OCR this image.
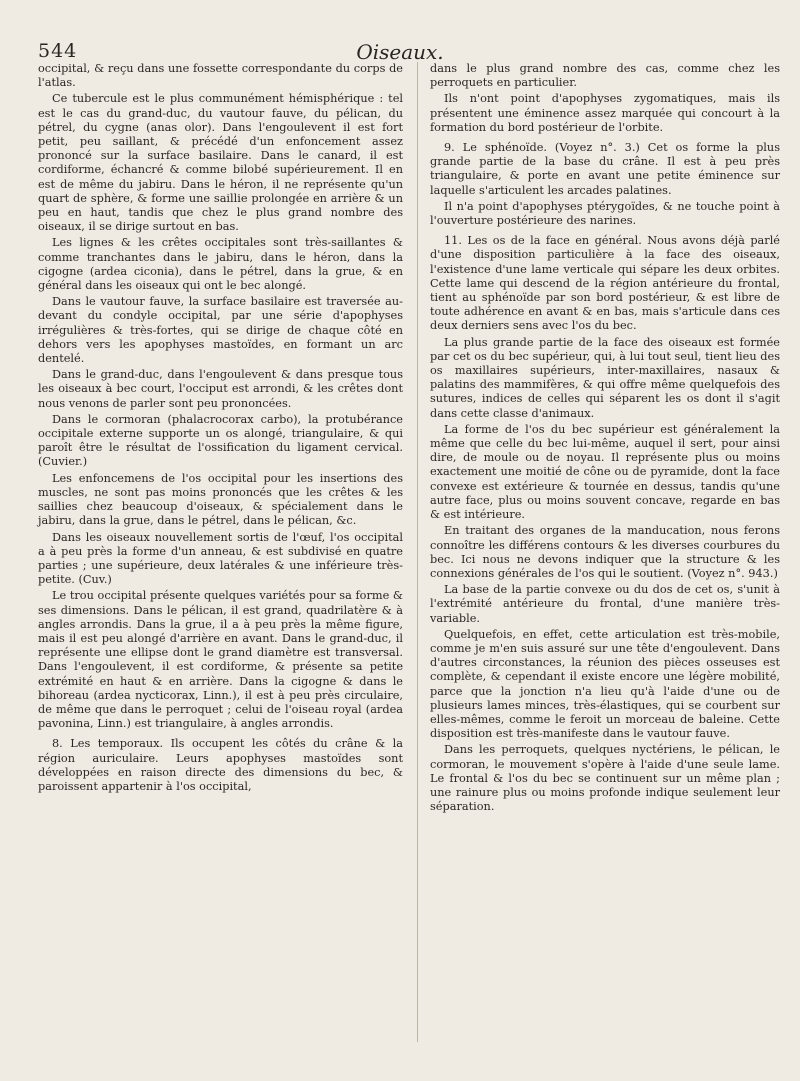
544	Oiseaux.

occipital, & reçu dans une fossette correspondante du corps de l'atlas.

Ce tubercule est le plus communément hémisphérique : tel est le cas du grand-duc, du vautour fauve, du pélican, du pétrel, du cygne (anas olor). Dans l'engoulevent il est fort petit, peu saillant, & précédé d'un enfoncement assez prononcé sur la surface basilaire. Dans le canard, il est cordiforme, échancré & comme bilobé supérieurement. Il en est de même du jabiru. Dans le héron, il ne représente qu'un quart de sphère, & forme une saillie prolongée en arrière & un peu en haut, tandis que chez le plus grand nombre des oiseaux, il se dirige surtout en bas.

Les lignes & les crêtes occipitales sont très-saillantes & comme tranchantes dans le jabiru, dans le héron, dans la cigogne (ardea ciconia), dans le pétrel, dans la grue, & en général dans les oiseaux qui ont le bec alongé.

Dans le vautour fauve, la surface basilaire est traversée au-devant du condyle occipital, par une série d'apophyses irrégulières & très-fortes, qui se dirige de chaque côté en dehors vers les apophyses mastoïdes, en formant un arc dentelé.

Dans le grand-duc, dans l'engoulevent & dans presque tous les oiseaux à bec court, l'occiput est arrondi, & les crêtes dont nous venons de parler sont peu prononcées.

Dans le cormoran (phalacrocorax carbo), la protubérance occipitale externe supporte un os alongé, triangulaire, & qui paroît être le résultat de l'ossification du ligament cervical. (Cuvier.)

Les enfoncemens de l'os occipital pour les insertions des muscles, ne sont pas moins prononcés que les crêtes & les saillies chez beaucoup d'oiseaux, & spécialement dans le jabiru, dans la grue, dans le pétrel, dans le pélican, &c.

Dans les oiseaux nouvellement sortis de l'œuf, l'os occipital a à peu près la forme d'un anneau, & est subdivisé en quatre parties ; une supérieure, deux latérales & une inférieure très-petite. (Cuv.)

Le trou occipital présente quelques variétés pour sa forme & ses dimensions. Dans le pélican, il est grand, quadrilatère & à angles arrondis. Dans la grue, il a à peu près la même figure, mais il est peu alongé d'arrière en avant. Dans le grand-duc, il représente une ellipse dont le grand diamètre est transversal. Dans l'engoulevent, il est cordiforme, & présente sa petite extrémité en haut & en arrière. Dans la cigogne & dans le bihoreau (ardea nycticorax, Linn.), il est à peu près circulaire, de même que dans le perroquet ; celui de l'oiseau royal (ardea pavonina, Linn.) est triangulaire, à angles arrondis.

8. Les temporaux. Ils occupent les côtés du crâne & la région auriculaire. Leurs apophyses mastoïdes sont développées en raison directe des dimensions du bec, & paroissent appartenir à l'os occipital,

dans le plus grand nombre des cas, comme chez les perroquets en particulier.

Ils n'ont point d'apophyses zygomatiques, mais ils présentent une éminence assez marquée qui concourt à la formation du bord postérieur de l'orbite.

9. Le sphénoïde. (Voyez n°. 3.) Cet os forme la plus grande partie de la base du crâne. Il est à peu près triangulaire, & porte en avant une petite éminence sur laquelle s'articulent les arcades palatines.

Il n'a point d'apophyses ptérygoïdes, & ne touche point à l'ouverture postérieure des narines.

11. Les os de la face en général. Nous avons déjà parlé d'une disposition particulière à la face des oiseaux, l'existence d'une lame verticale qui sépare les deux orbites. Cette lame qui descend de la région antérieure du frontal, tient au sphénoïde par son bord postérieur, & est libre de toute adhérence en avant & en bas, mais s'articule dans ces deux derniers sens avec l'os du bec.

La plus grande partie de la face des oiseaux est formée par cet os du bec supérieur, qui, à lui tout seul, tient lieu des os maxillaires supérieurs, inter-maxillaires, nasaux & palatins des mammifères, & qui offre même quelquefois des sutures, indices de celles qui séparent les os dont il s'agit dans cette classe d'animaux.

La forme de l'os du bec supérieur est généralement la même que celle du bec lui-même, auquel il sert, pour ainsi dire, de moule ou de noyau. Il représente plus ou moins exactement une moitié de cône ou de pyramide, dont la face convexe est extérieure & tournée en dessus, tandis qu'une autre face, plus ou moins souvent concave, regarde en bas & est intérieure.

En traitant des organes de la manducation, nous ferons connoître les différens contours & les diverses courbures du bec. Ici nous ne devons indiquer que la structure & les connexions générales de l'os qui le soutient. (Voyez n°. 943.)

La base de la partie convexe ou du dos de cet os, s'unit à l'extrémité antérieure du frontal, d'une manière très-variable.

Quelquefois, en effet, cette articulation est très-mobile, comme je m'en suis assuré sur une tête d'engoulevent. Dans d'autres circonstances, la réunion des pièces osseuses est complète, & cependant il existe encore une légère mobilité, parce que la jonction n'a lieu qu'à l'aide d'une ou de plusieurs lames minces, très-élastiques, qui se courbent sur elles-mêmes, comme le feroit un morceau de baleine. Cette disposition est très-manifeste dans le vautour fauve.

Dans les perroquets, quelques nyctériens, le pélican, le cormoran, le mouvement s'opère à l'aide d'une seule lame. Le frontal & l'os du bec se continuent sur un même plan ; une rainure plus ou moins profonde indique seulement leur séparation.
